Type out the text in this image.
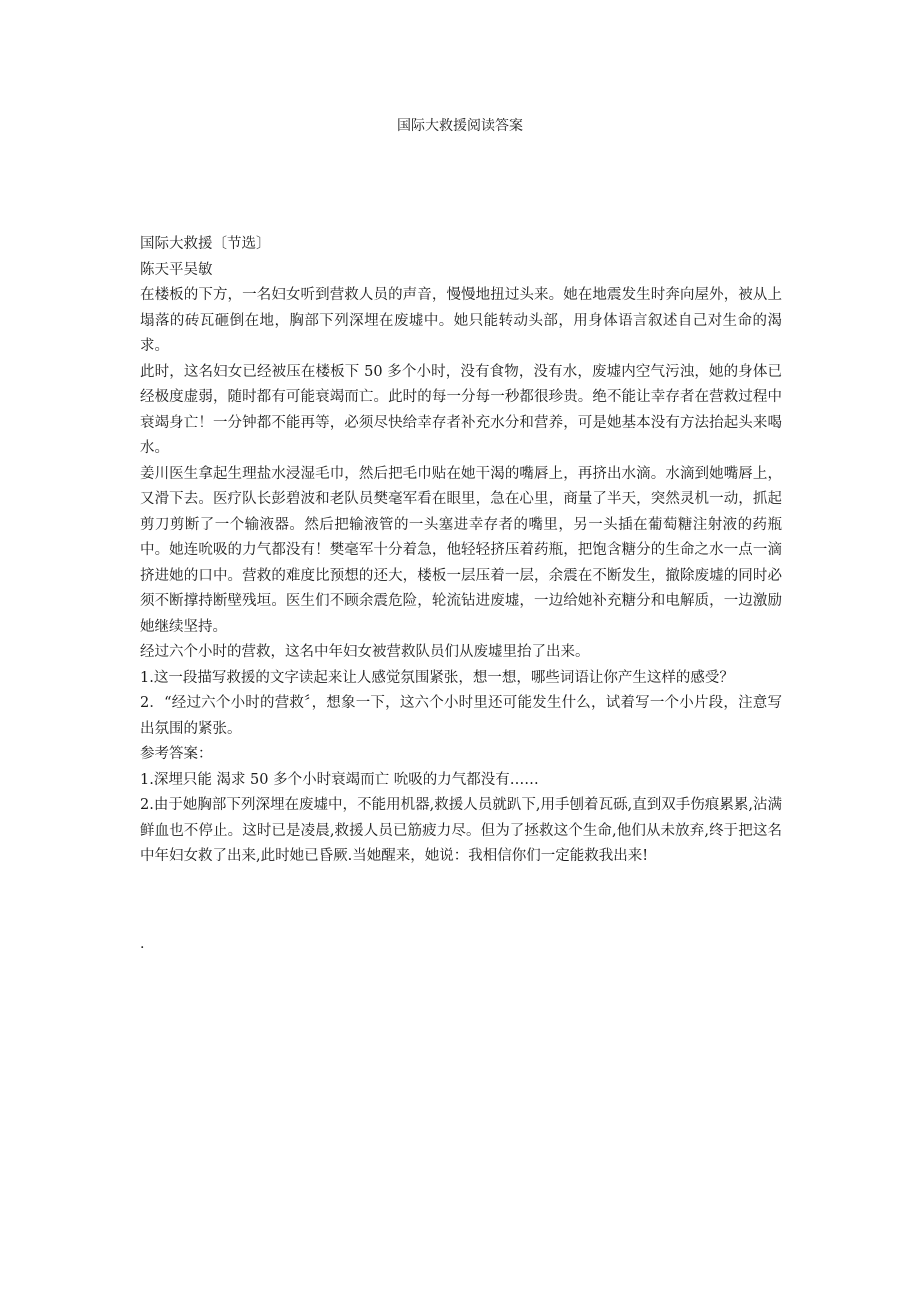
国际大救援阅读答案

国际大救援〔节选〕

陈天平吴敏

在楼板的下方，一名妇女听到营救人员的声音，慢慢地扭过头来。她在地震发生时奔向屋外，被从上塌落的砖瓦砸倒在地，胸部下列深埋在废墟中。她只能转动头部，用身体语言叙述自己对生命的渴求。

此时，这名妇女已经被压在楼板下 50 多个小时，没有食物，没有水，废墟内空气污浊，她的身体已经极度虚弱，随时都有可能衰竭而亡。此时的每一分每一秒都很珍贵。绝不能让幸存者在营救过程中衰竭身亡！一分钟都不能再等，必须尽快给幸存者补充水分和营养，可是她基本没有方法抬起头来喝水。

姜川医生拿起生理盐水浸湿毛巾，然后把毛巾贴在她干渴的嘴唇上，再挤出水滴。水滴到她嘴唇上，又滑下去。医疗队长彭碧波和老队员樊毫军看在眼里，急在心里，商量了半天，突然灵机一动，抓起剪刀剪断了一个输液器。然后把输液管的一头塞进幸存者的嘴里，另一头插在葡萄糖注射液的药瓶中。她连吮吸的力气都没有！樊毫军十分着急，他轻轻挤压着药瓶，把饱含糖分的生命之水一点一滴挤进她的口中。营救的难度比预想的还大，楼板一层压着一层，余震在不断发生，撤除废墟的同时必须不断撑持断壁残垣。医生们不顾余震危险，轮流钻进废墟，一边给她补充糖分和电解质，一边激励她继续坚持。

经过六个小时的营救，这名中年妇女被营救队员们从废墟里抬了出来。

1.这一段描写救援的文字读起来让人感觉氛围紧张，想一想，哪些词语让你产生这样的感受？

2．“经过六个小时的营救〞，想象一下，这六个小时里还可能发生什么，试着写一个小片段，注意写出氛围的紧张。

参考答案：

1.深埋只能 渴求 50 多个小时衰竭而亡 吮吸的力气都没有……

2.由于她胸部下列深埋在废墟中，不能用机器,救援人员就趴下,用手刨着瓦砾,直到双手伤痕累累,沾满鲜血也不停止。这时已是凌晨,救援人员已筋疲力尽。但为了拯救这个生命,他们从未放弃,终于把这名中年妇女救了出来,此时她已昏厥.当她醒来，她说：我相信你们一定能救我出来!

.
